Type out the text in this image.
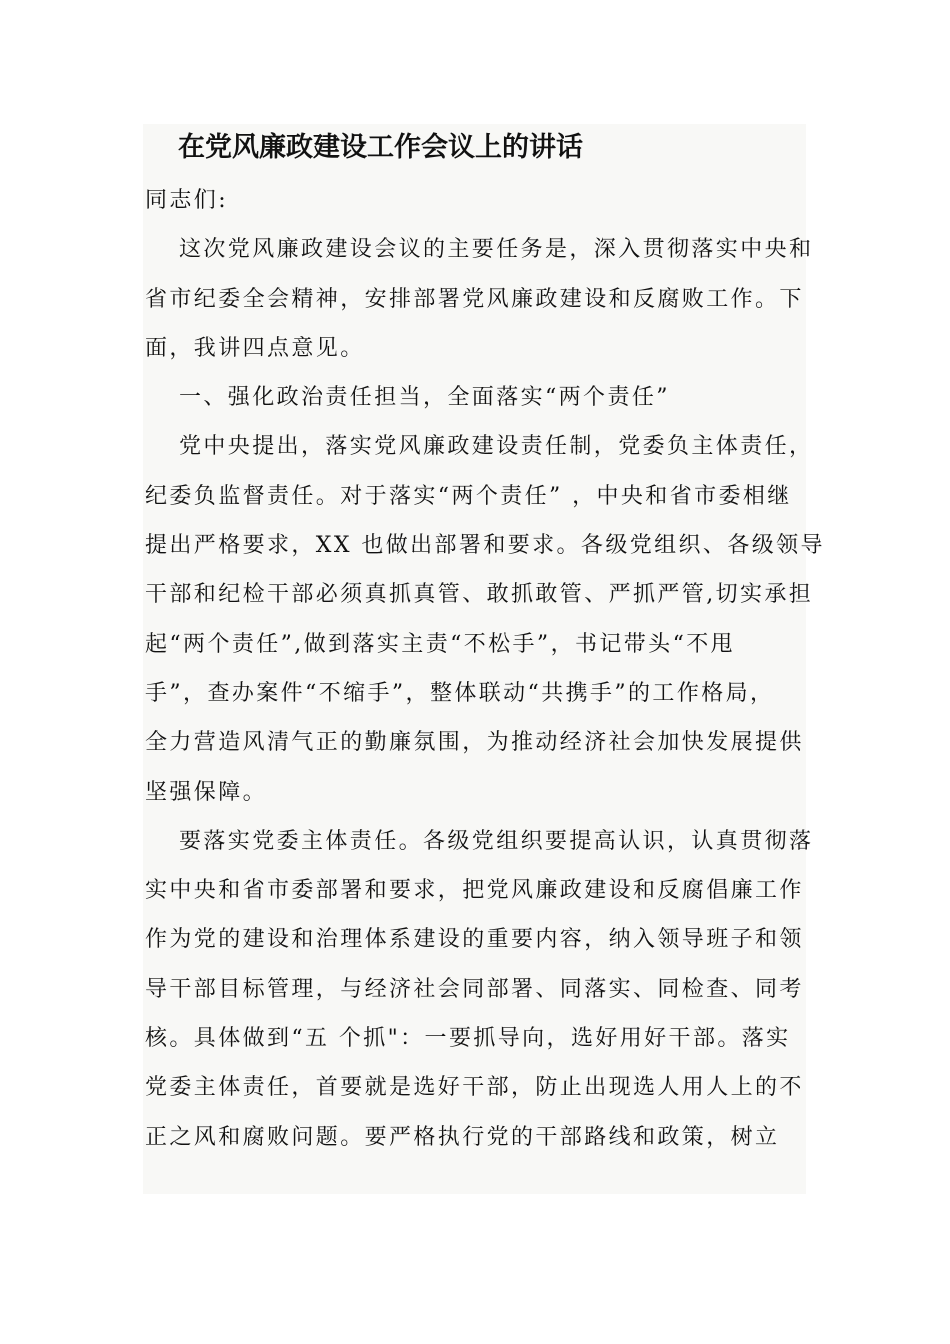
在党风廉政建设工作会议上的讲话
同志们:
这次党风廉政建设会议的主要任务是，深入贯彻落实中央和
省市纪委全会精神，安排部署党风廉政建设和反腐败工作。下
面，我讲四点意见。
一、强化政治责任担当，全面落实“两个责任”
党中央提出，落实党风廉政建设责任制，党委负主体责任，
纪委负监督责任。对于落实“两个责任” ，中央和省市委相继
提出严格要求，XX 也做出部署和要求。各级党组织、各级领导
干部和纪检干部必须真抓真管、敢抓敢管、严抓严管,切实承担
起“两个责任”,做到落实主责“不松手”，书记带头“不甩
手”，查办案件“不缩手”，整体联动“共携手”的工作格局，
全力营造风清气正的勤廉氛围，为推动经济社会加快发展提供
坚强保障。
要落实党委主体责任。各级党组织要提高认识，认真贯彻落
实中央和省市委部署和要求，把党风廉政建设和反腐倡廉工作
作为党的建设和治理体系建设的重要内容，纳入领导班子和领
导干部目标管理，与经济社会同部署、同落实、同检查、同考
核。具体做到“五 个抓"：一要抓导向，选好用好干部。落实
党委主体责任，首要就是选好干部，防止出现选人用人上的不
正之风和腐败问题。要严格执行党的干部路线和政策，树立
